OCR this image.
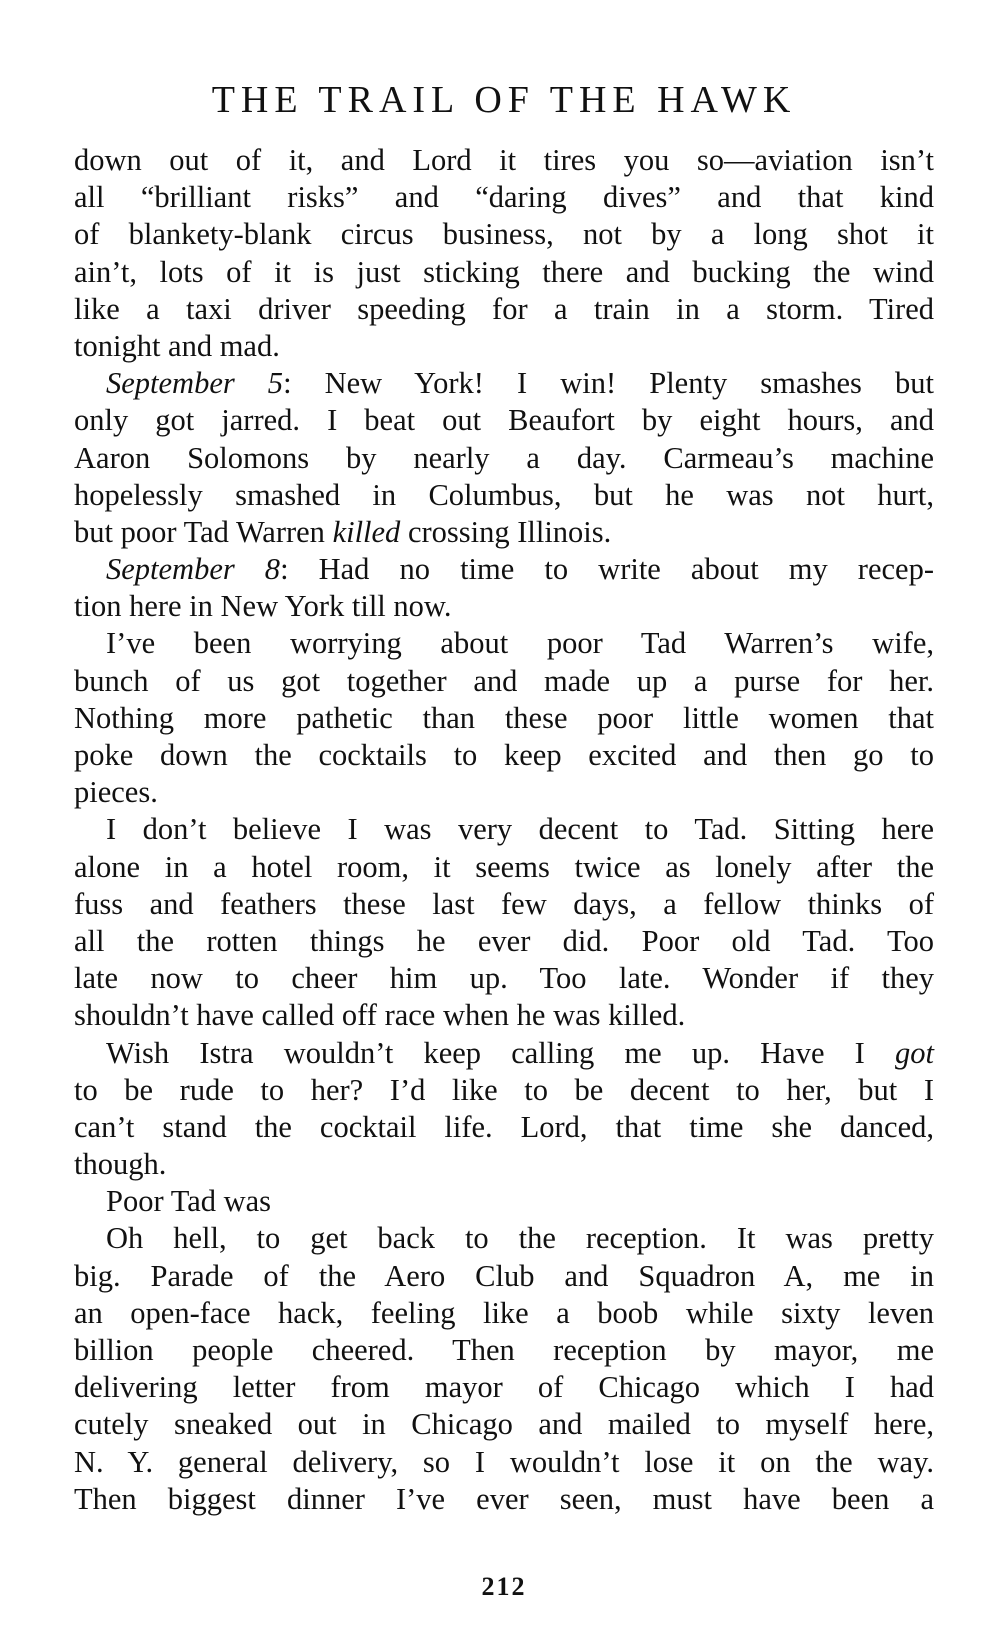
THE TRAIL OF THE HAWK
down out of it, and Lord it tires you so—aviation isn’t
all “brilliant risks” and “daring dives” and that kind
of blankety-blank circus business, not by a long shot it
ain’t, lots of it is just sticking there and bucking the wind
like a taxi driver speeding for a train in a storm. Tired
tonight and mad.
September 5: New York! I win! Plenty smashes but
only got jarred. I beat out Beaufort by eight hours, and
Aaron Solomons by nearly a day. Carmeau’s machine
hopelessly smashed in Columbus, but he was not hurt,
but poor Tad Warren killed crossing Illinois.
September 8: Had no time to write about my recep-
tion here in New York till now.
I’ve been worrying about poor Tad Warren’s wife,
bunch of us got together and made up a purse for her.
Nothing more pathetic than these poor little women that
poke down the cocktails to keep excited and then go to
pieces.
I don’t believe I was very decent to Tad. Sitting here
alone in a hotel room, it seems twice as lonely after the
fuss and feathers these last few days, a fellow thinks of
all the rotten things he ever did. Poor old Tad. Too
late now to cheer him up. Too late. Wonder if they
shouldn’t have called off race when he was killed.
Wish Istra wouldn’t keep calling me up. Have I got
to be rude to her? I’d like to be decent to her, but I
can’t stand the cocktail life. Lord, that time she danced,
though.
Poor Tad was
Oh hell, to get back to the reception. It was pretty
big. Parade of the Aero Club and Squadron A, me in
an open-face hack, feeling like a boob while sixty leven
billion people cheered. Then reception by mayor, me
delivering letter from mayor of Chicago which I had
cutely sneaked out in Chicago and mailed to myself here,
N. Y. general delivery, so I wouldn’t lose it on the way.
Then biggest dinner I’ve ever seen, must have been a
212
